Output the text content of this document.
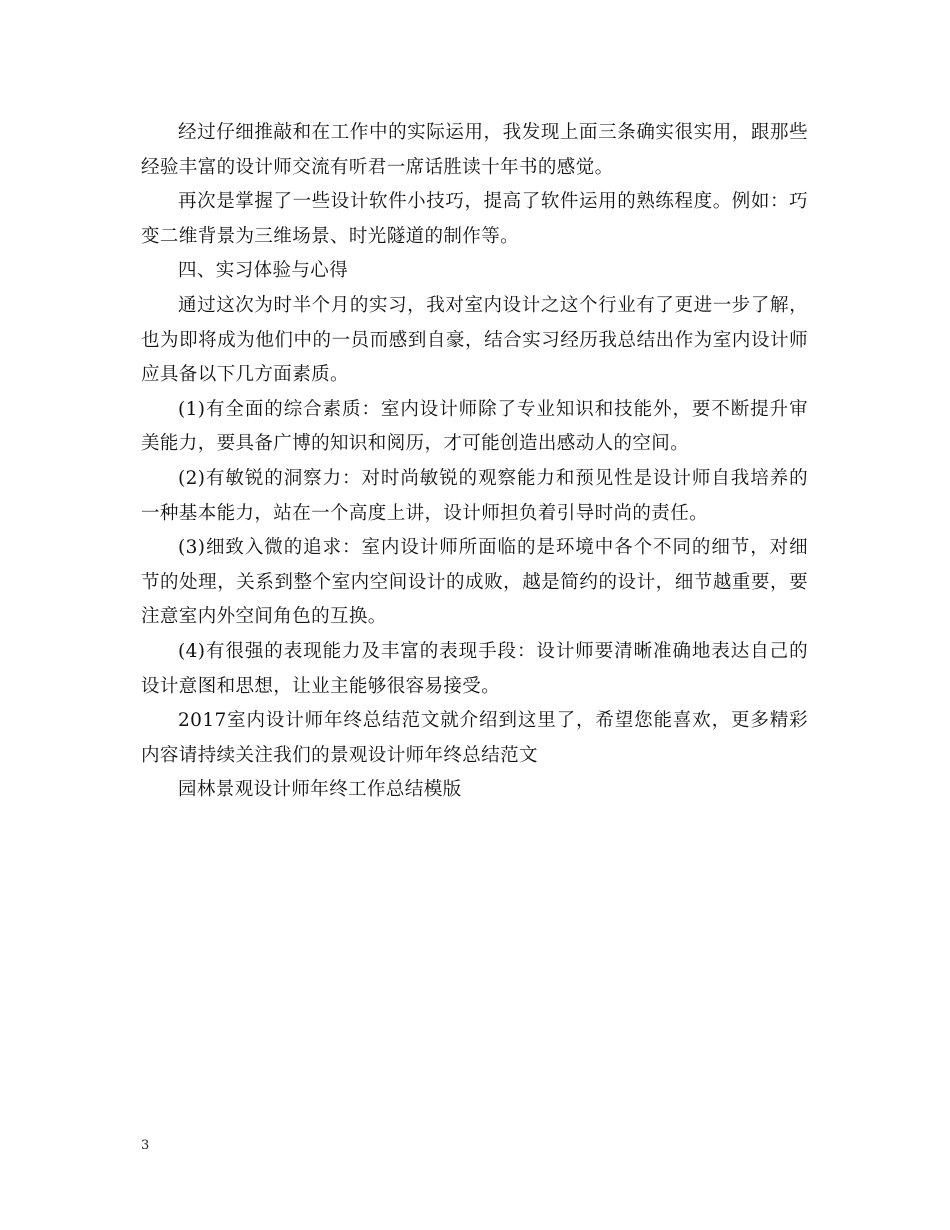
经过仔细推敲和在工作中的实际运用，我发现上面三条确实很实用，跟那些经验丰富的设计师交流有听君一席话胜读十年书的感觉。

再次是掌握了一些设计软件小技巧，提高了软件运用的熟练程度。例如：巧变二维背景为三维场景、时光隧道的制作等。

四、实习体验与心得

通过这次为时半个月的实习，我对室内设计之这个行业有了更进一步了解，也为即将成为他们中的一员而感到自豪，结合实习经历我总结出作为室内设计师应具备以下几方面素质。

(1)有全面的综合素质：室内设计师除了专业知识和技能外，要不断提升审美能力，要具备广博的知识和阅历，才可能创造出感动人的空间。

(2)有敏锐的洞察力：对时尚敏锐的观察能力和预见性是设计师自我培养的一种基本能力，站在一个高度上讲，设计师担负着引导时尚的责任。

(3)细致入微的追求：室内设计师所面临的是环境中各个不同的细节，对细节的处理，关系到整个室内空间设计的成败，越是简约的设计，细节越重要，要注意室内外空间角色的互换。

(4)有很强的表现能力及丰富的表现手段：设计师要清晰准确地表达自己的设计意图和思想，让业主能够很容易接受。

2017室内设计师年终总结范文就介绍到这里了，希望您能喜欢，更多精彩内容请持续关注我们的景观设计师年终总结范文

园林景观设计师年终工作总结模版

3
